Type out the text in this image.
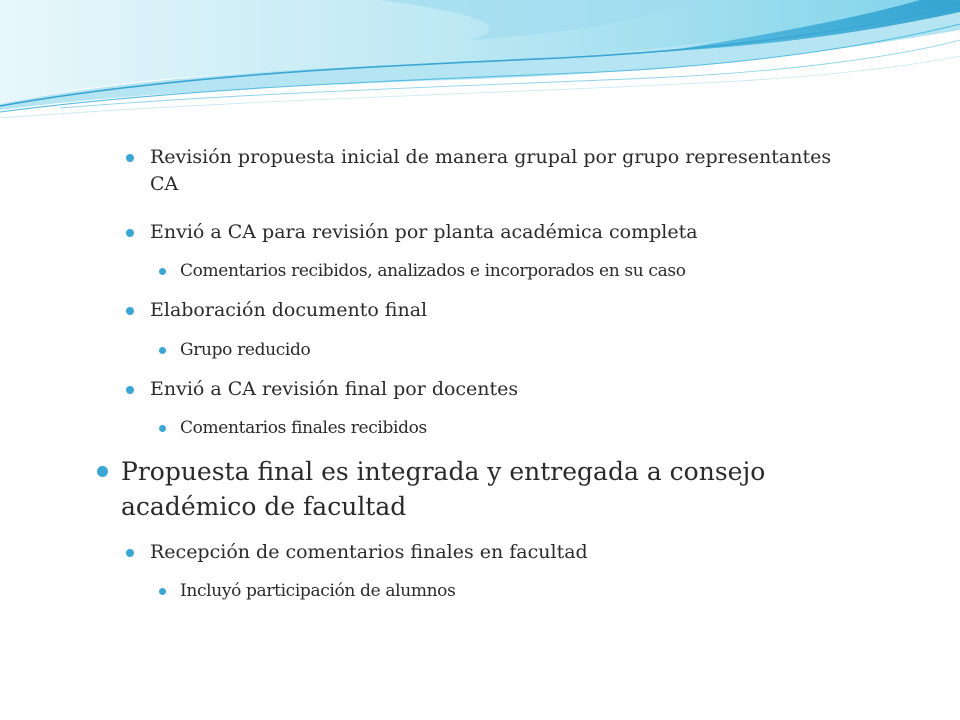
Revisión propuesta inicial de manera grupal por grupo representantes CA
Envió a CA para revisión por planta académica completa
Comentarios recibidos, analizados e incorporados en su caso
Elaboración documento final
Grupo reducido
Envió a CA revisión final por docentes
Comentarios finales recibidos
Propuesta final es integrada y entregada a consejo académico de facultad
Recepción de comentarios finales en facultad
Incluyó participación de alumnos
